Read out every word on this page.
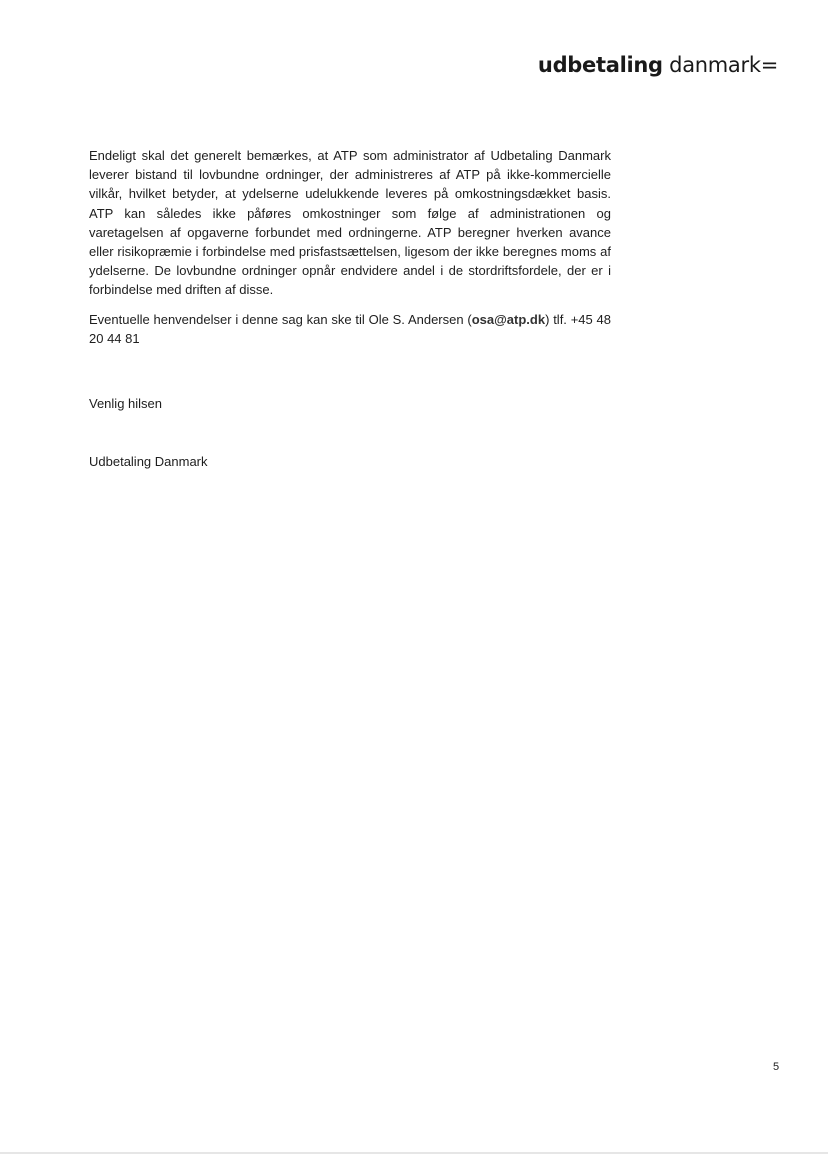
udbetaling danmark=

Endeligt skal det generelt bemærkes, at ATP som administrator af Udbetaling Danmark leverer bistand til lovbundne ordninger, der administreres af ATP på ikke-kommercielle vilkår, hvilket betyder, at ydelserne udelukkende leveres på omkostningsdækket basis. ATP kan således ikke påføres omkostninger som følge af administrationen og varetagelsen af opgaverne forbundet med ordningerne. ATP beregner hverken avance eller risikopræmie i forbindelse med prisfastsættelsen, ligesom der ikke beregnes moms af ydelserne. De lovbundne ordninger opnår endvidere andel i de stordriftsfordele, der er i forbindelse med driften af disse.

Eventuelle henvendelser i denne sag kan ske til Ole S. Andersen (osa@atp.dk) tlf. +45 48 20 44 81

Venlig hilsen
Udbetaling Danmark
5
